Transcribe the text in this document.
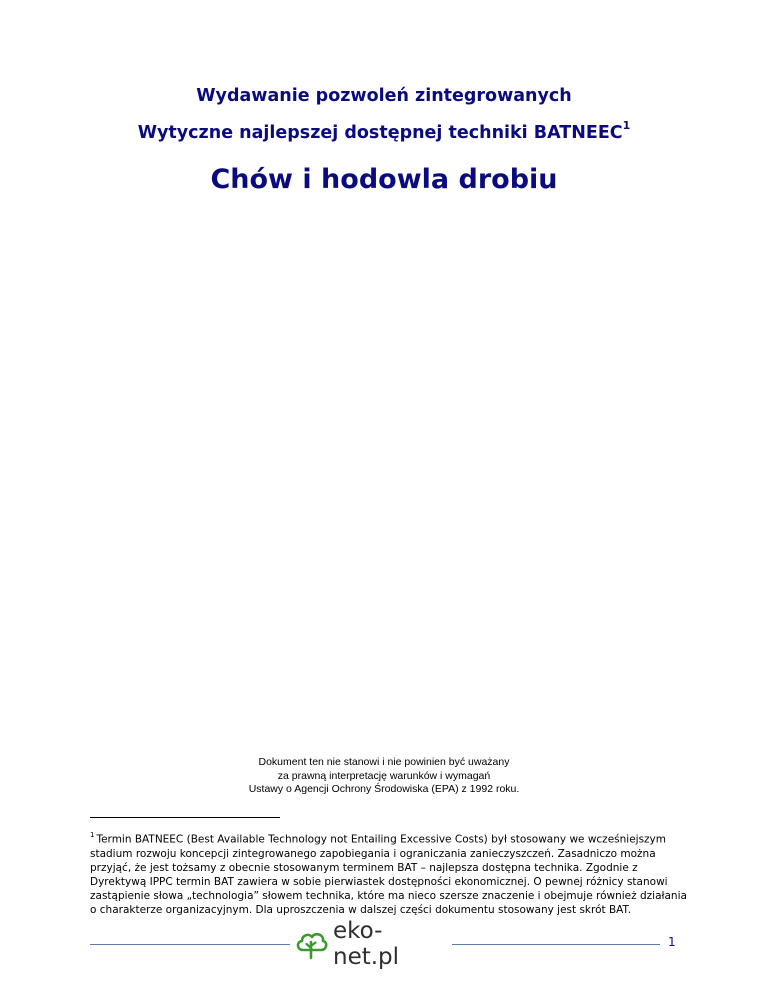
Wydawanie pozwoleń zintegrowanych
Wytyczne najlepszej dostępnej techniki BATNEEC$^1$
Chów i hodowla drobiu
Dokument ten nie stanowi i nie powinien być uważany
za prawną interpretację warunków i wymagań
Ustawy o Agencji Ochrony Środowiska (EPA) z 1992 roku.
$^1$ Termin BATNEEC (Best Available Technology not Entailing Excessive Costs) był stosowany we wcześniejszym stadium rozwoju koncepcji zintegrowanego zapobiegania i ograniczania zanieczyszczeń. Zasadniczo można przyjąć, że jest tożsamy z obecnie stosowanym terminem BAT – najlepsza dostępna technika. Zgodnie z Dyrektywą IPPC termin BAT zawiera w sobie pierwiastek dostępności ekonomicznej. O pewnej różnicy stanowi zastąpienie słowa „technologia” słowem technika, które ma nieco szersze znaczenie i obejmuje również działania o charakterze organizacyjnym. Dla uproszczenia w dalszej części dokumentu stosowany jest skrót BAT.
eko-net.pl
1
